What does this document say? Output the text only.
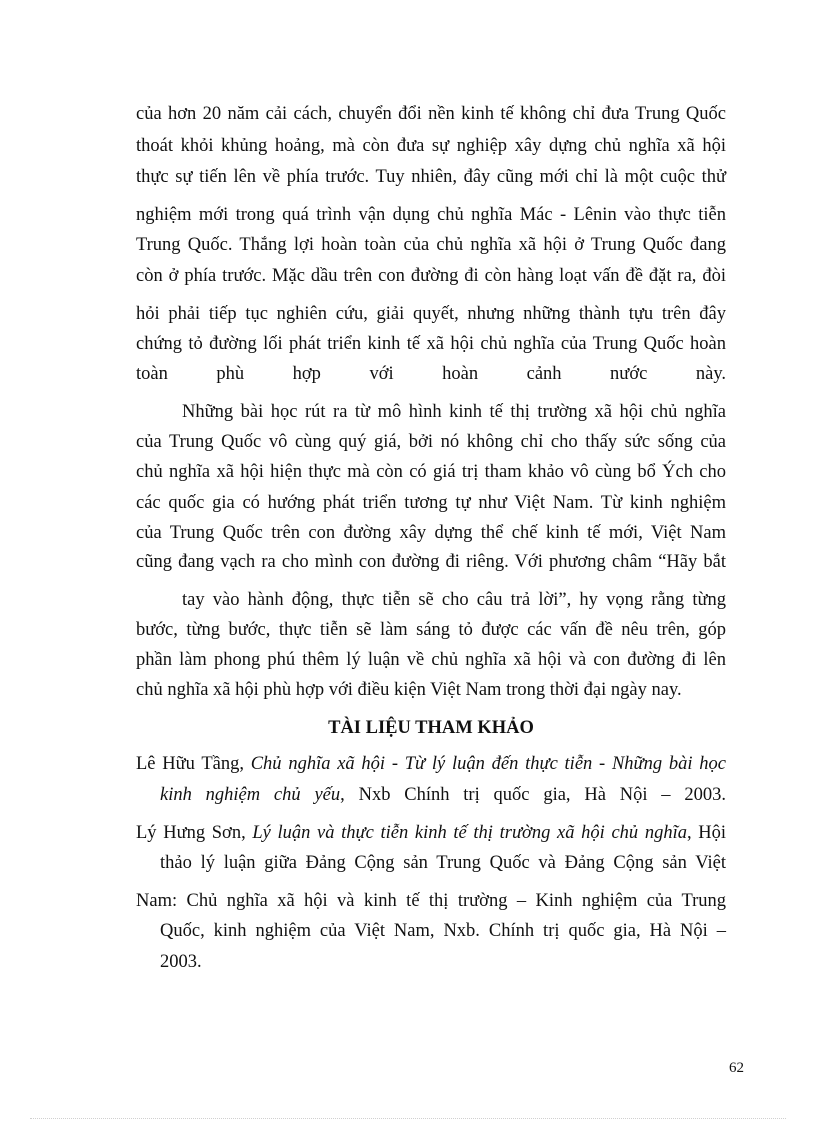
của hơn 20 năm cải cách, chuyển đổi nền kinh tế không chỉ đưa Trung Quốc
thoát khỏi khủng hoảng, mà còn đưa sự nghiệp xây dựng chủ nghĩa xã hội
thực sự tiến lên về phía trước. Tuy nhiên, đây cũng mới chỉ là một cuộc thử
nghiệm mới trong quá trình vận dụng chủ nghĩa Mác - Lênin vào thực tiễn
Trung Quốc. Thắng lợi hoàn toàn của chủ nghĩa xã hội ở Trung Quốc đang
còn ở phía trước. Mặc dầu trên con đường đi còn hàng loạt vấn đề đặt ra, đòi
hỏi phải tiếp tục nghiên cứu, giải quyết, nhưng những thành tựu trên đây
chứng tỏ đường lối phát triển kinh tế xã hội chủ nghĩa của Trung Quốc hoàn
toàn phù hợp với hoàn cảnh nước này.
Những bài học rút ra từ mô hình kinh tế thị trường xã hội chủ nghĩa
của Trung Quốc vô cùng quý giá, bởi nó không chỉ cho thấy sức sống của
chủ nghĩa xã hội hiện thực mà còn có giá trị tham khảo vô cùng bổ Ých cho
các quốc gia có hướng phát triển tương tự như Việt Nam. Từ kinh nghiệm
của Trung Quốc trên con đường xây dựng thể chế kinh tế mới, Việt Nam
cũng đang vạch ra cho mình con đường đi riêng. Với phương châm “Hãy bắt
tay vào hành động, thực tiễn sẽ cho câu trả lời”, hy vọng rằng từng
bước, từng bước, thực tiễn sẽ làm sáng tỏ được các vấn đề nêu trên, góp
phần làm phong phú thêm lý luận về chủ nghĩa xã hội và con đường đi lên
chủ nghĩa xã hội phù hợp với điều kiện Việt Nam trong thời đại ngày nay.
TÀI LIỆU THAM KHẢO
Lê Hữu Tầng, Chủ nghĩa xã hội - Từ lý luận đến thực tiễn - Những bài học
kinh nghiệm chủ yếu, Nxb Chính trị quốc gia, Hà Nội – 2003.
Lý Hưng Sơn, Lý luận và thực tiễn kinh tế thị trường xã hội chủ nghĩa, Hội
thảo lý luận giữa Đảng Cộng sản Trung Quốc và Đảng Cộng sản Việt
Nam: Chủ nghĩa xã hội và kinh tế thị trường – Kinh nghiệm của Trung
Quốc, kinh nghiệm của Việt Nam, Nxb. Chính trị quốc gia, Hà Nội –
2003.
62
